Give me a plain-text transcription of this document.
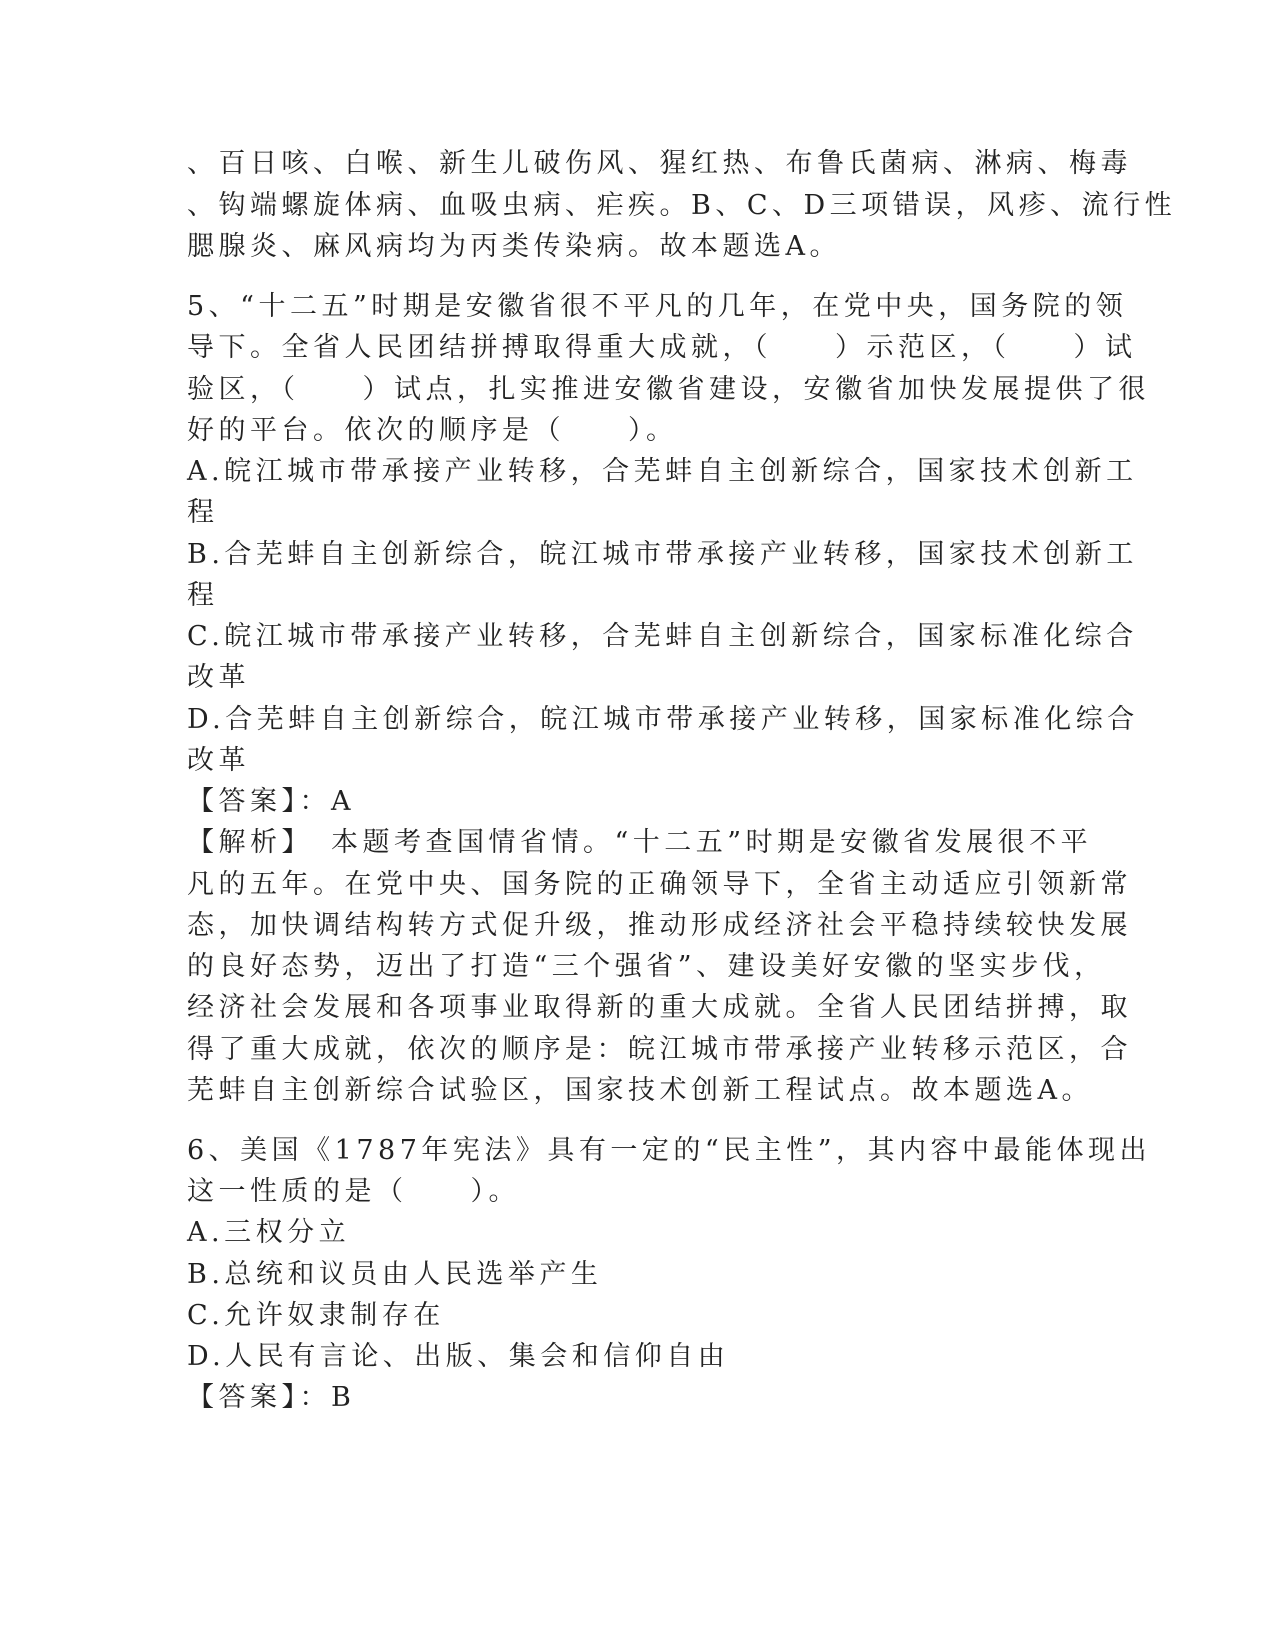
、百日咳、白喉、新生儿破伤风、猩红热、布鲁氏菌病、淋病、梅毒
、钩端螺旋体病、血吸虫病、疟疾。B、C、D三项错误，风疹、流行性
腮腺炎、麻风病均为丙类传染病。故本题选A。
5、“十二五”时期是安徽省很不平凡的几年，在党中央，国务院的领
导下。全省人民团结拼搏取得重大成就，（　　）示范区，（　　）试
验区，（　　）试点，扎实推进安徽省建设，安徽省加快发展提供了很
好的平台。依次的顺序是（　　）。
A.皖江城市带承接产业转移，合芜蚌自主创新综合，国家技术创新工
程
B.合芜蚌自主创新综合，皖江城市带承接产业转移，国家技术创新工
程
C.皖江城市带承接产业转移，合芜蚌自主创新综合，国家标准化综合
改革
D.合芜蚌自主创新综合，皖江城市带承接产业转移，国家标准化综合
改革
【答案】：A
【解析】　本题考查国情省情。“十二五”时期是安徽省发展很不平
凡的五年。在党中央、国务院的正确领导下，全省主动适应引领新常
态，加快调结构转方式促升级，推动形成经济社会平稳持续较快发展
的良好态势，迈出了打造“三个强省”、建设美好安徽的坚实步伐，
经济社会发展和各项事业取得新的重大成就。全省人民团结拼搏，取
得了重大成就，依次的顺序是：皖江城市带承接产业转移示范区，合
芜蚌自主创新综合试验区，国家技术创新工程试点。故本题选A。
6、美国《1787年宪法》具有一定的“民主性”，其内容中最能体现出
这一性质的是（　　）。
A.三权分立
B.总统和议员由人民选举产生
C.允许奴隶制存在
D.人民有言论、出版、集会和信仰自由
【答案】：B
